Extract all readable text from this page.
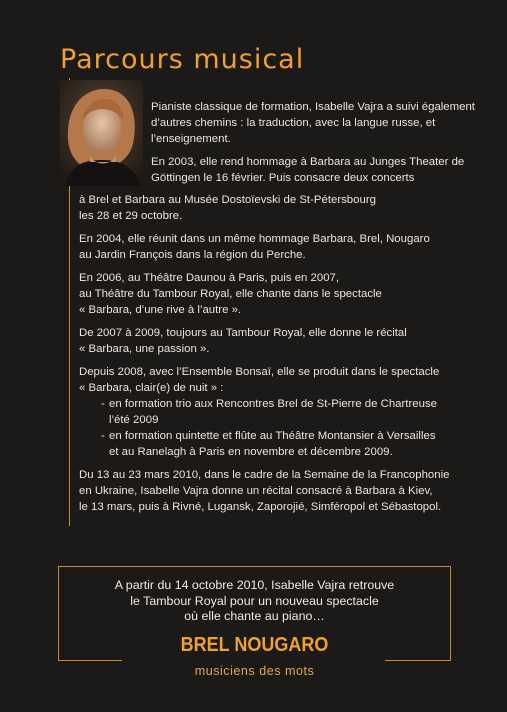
Parcours musical

Pianiste classique de formation, Isabelle Vajra a suivi également d’autres chemins : la traduction, avec la langue russe, et l’enseignement.

En 2003, elle rend hommage à Barbara au Junges Theater de Göttingen le 16 février. Puis consacre deux concerts

à Brel et Barbara au Musée Dostoïevski de St-Pétersbourg
les 28 et 29 octobre.

En 2004, elle réunit dans un même hommage Barbara, Brel, Nougaro
au Jardin François dans la région du Perche.

En 2006, au Théâtre Daunou à Paris, puis en 2007,
au Théâtre du Tambour Royal, elle chante dans le spectacle
« Barbara, d’une rive à l’autre ».

De 2007 à 2009, toujours au Tambour Royal, elle donne le récital
« Barbara, une passion ».

Depuis 2008, avec l’Ensemble Bonsaï, elle se produit dans le spectacle
« Barbara, clair(e) de nuit » :

- en formation trio aux Rencontres Brel de St-Pierre de Chartreuse
l’été 2009
- en formation quintette et flûte au Théâtre Montansier à Versailles
et au Ranelagh à Paris en novembre et décembre 2009.

Du 13 au 23 mars 2010, dans le cadre de la Semaine de la Francophonie
en Ukraine, Isabelle Vajra donne un récital consacré à Barbara à Kiev,
le 13 mars, puis à Rivné, Lugansk, Zaporojié, Simféropol et Sébastopol.

A partir du 14 octobre 2010, Isabelle Vajra retrouve
le Tambour Royal pour un nouveau spectacle
où elle chante au piano…
BREL NOUGARO
musiciens des mots
